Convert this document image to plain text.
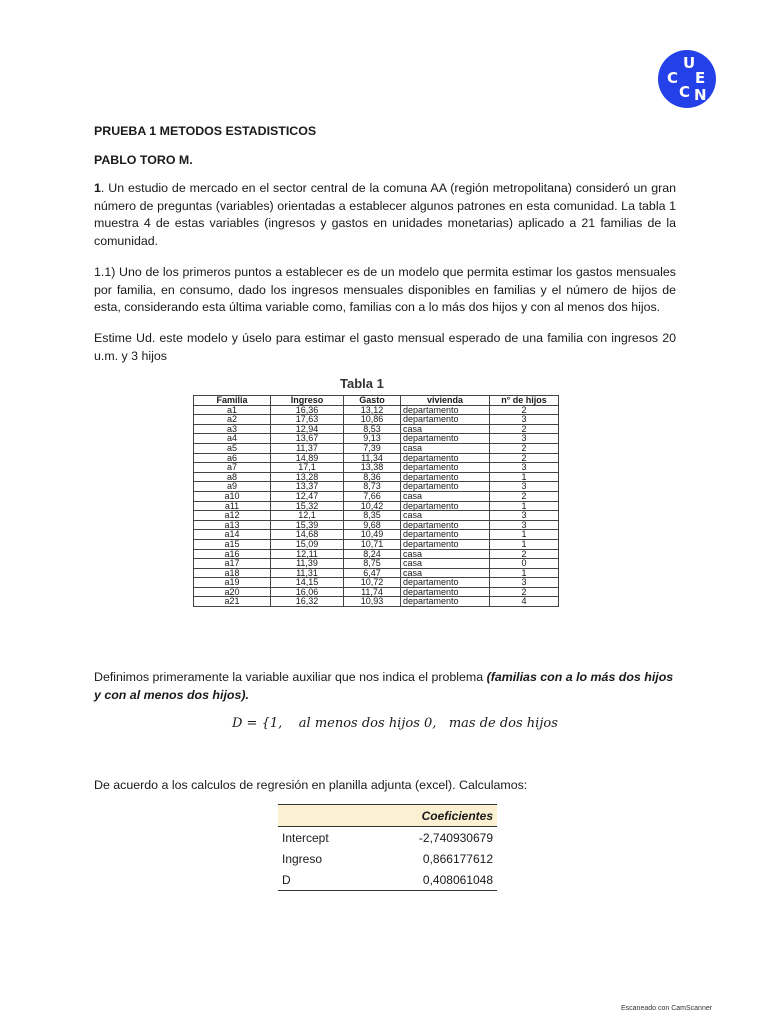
U
C E
C N
PRUEBA 1 METODOS ESTADISTICOS
PABLO TORO M.
1. Un estudio de mercado en el sector central de la comuna AA (región metropolitana) consideró un gran número de preguntas (variables) orientadas a establecer algunos patrones en esta comunidad. La tabla 1 muestra 4 de estas variables (ingresos y gastos en unidades monetarias) aplicado a 21 familias de la comunidad.
1.1) Uno de los primeros puntos a establecer es de un modelo que permita estimar los gastos mensuales por familia, en consumo, dado los ingresos mensuales disponibles en familias y el número de hijos de esta, considerando esta última variable como, familias con a lo más dos hijos y con al menos dos hijos.
Estime Ud. este modelo y úselo para estimar el gasto mensual esperado de una familia con ingresos 20 u.m. y 3 hijos
Tabla 1
Familia	Ingreso	Gasto	vivienda	n° de hijos
a1	16,36	13,12	departamento	2
a2	17,63	10,86	departamento	3
a3	12,94	8,53	casa	2
a4	13,67	9,13	departamento	3
a5	11,37	7,39	casa	2
a6	14,89	11,34	departamento	2
a7	17,1	13,38	departamento	3
a8	13,28	8,36	departamento	1
a9	13,37	8,73	departamento	3
a10	12,47	7,66	casa	2
a11	15,32	10,42	departamento	1
a12	12,1	8,35	casa	3
a13	15,39	9,68	departamento	3
a14	14,68	10,49	departamento	1
a15	15,09	10,71	departamento	1
a16	12,11	8,24	casa	2
a17	11,39	8,75	casa	0
a18	11,31	6,47	casa	1
a19	14,15	10,72	departamento	3
a20	16,06	11,74	departamento	2
a21	16,32	10,93	departamento	4
Definimos primeramente la variable auxiliar que nos indica el problema (familias con a lo más dos hijos y con al menos dos hijos).
D = {1, al menos dos hijos 0, mas de dos hijos
De acuerdo a los calculos de regresión en planilla adjunta (excel). Calculamos:
	Coeficientes
Intercept	-2,740930679
Ingreso	0,866177612
D	0,408061048
Escaneado con CamScanner
